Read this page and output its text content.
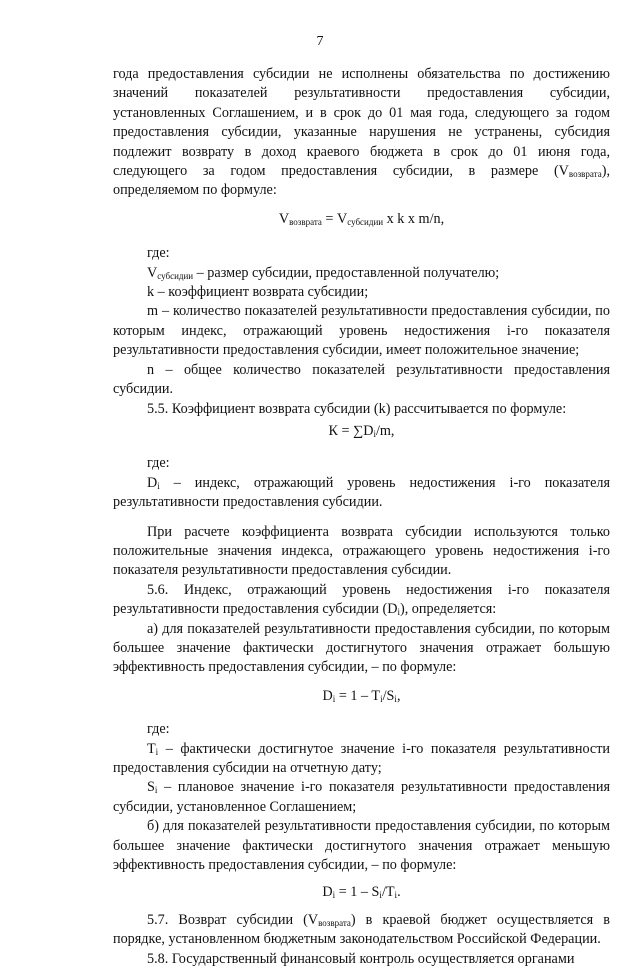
7

года предоставления субсидии не исполнены обязательства по достижению значений показателей результативности предоставления субсидии, установленных Соглашением, и в срок до 01 мая года, следующего за годом предоставления субсидии, указанные нарушения не устранены, субсидия подлежит возврату в доход краевого бюджета в срок до 01 июня года, следующего за годом предоставления субсидии, в размере $(V_{возврата})$, определяемом по формуле:

$V_{возврата} = V_{субсидии}$ x k x m/n,

где:

$V_{субсидии}$ – размер субсидии, предоставленной получателю;

k – коэффициент возврата субсидии;

m – количество показателей результативности предоставления субсидии, по которым индекс, отражающий уровень недостижения i-го показателя результативности предоставления субсидии, имеет положительное значение;

n – общее количество показателей результативности предоставления субсидии.

5.5. Коэффициент возврата субсидии (k) рассчитывается по формуле:

$К = \sum D_i/m$,

где:

$D_i$ – индекс, отражающий уровень недостижения i-го показателя результативности предоставления субсидии.

При расчете коэффициента возврата субсидии используются только положительные значения индекса, отражающего уровень недостижения i-го показателя результативности предоставления субсидии.

5.6. Индекс, отражающий уровень недостижения i-го показателя результативности предоставления субсидии $(D_i)$, определяется:

а) для показателей результативности предоставления субсидии, по которым большее значение фактически достигнутого значения отражает большую эффективность предоставления субсидии, – по формуле:

$D_i = 1 - T_i/S_i$,

где:

$T_i$ – фактически достигнутое значение i-го показателя результативности предоставления субсидии на отчетную дату;

$S_i$ – плановое значение i-го показателя результативности предоставления субсидии, установленное Соглашением;

б) для показателей результативности предоставления субсидии, по которым большее значение фактически достигнутого значения отражает меньшую эффективность предоставления субсидии, – по формуле:

$D_i = 1 - S_i/T_i$.

5.7. Возврат субсидии $(V_{возврата})$ в краевой бюджет осуществляется в порядке, установленном бюджетным законодательством Российской Федерации.

5.8. Государственный финансовый контроль осуществляется органами
